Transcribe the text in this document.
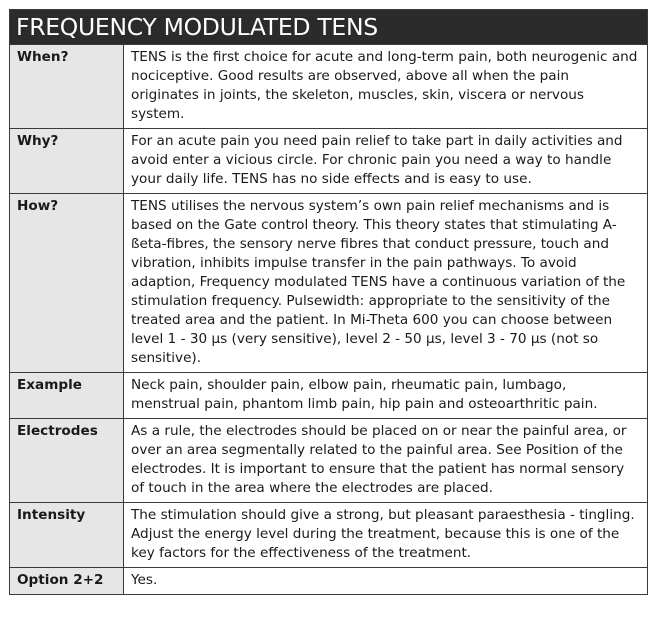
FREQUENCY MODULATED TENS
When?	TENS is the first choice for acute and long-term pain, both neurogenic and nociceptive. Good results are observed, above all when the pain originates in joints, the skeleton, muscles, skin, viscera or nervous system.
Why?	For an acute pain you need pain relief to take part in daily activities and avoid enter a vicious circle. For chronic pain you need a way to handle your daily life. TENS has no side effects and is easy to use.
How?	TENS utilises the nervous system’s own pain relief mechanisms and is based on the Gate control theory. This theory states that stimulating A-ßeta-fibres, the sensory nerve fibres that conduct pressure, touch and vibration, inhibits impulse transfer in the pain pathways. To avoid adaption, Frequency modulated TENS have a continuous variation of the stimulation frequency. Pulsewidth: appropriate to the sensitivity of the treated area and the patient. In Mi-Theta 600 you can choose between level 1 - 30 µs (very sensitive), level 2 - 50 µs, level 3 - 70 µs (not so sensitive).
Example	Neck pain, shoulder pain, elbow pain, rheumatic pain, lumbago, menstrual pain, phantom limb pain, hip pain and osteoarthritic pain.
Electrodes	As a rule, the electrodes should be placed on or near the painful area, or over an area segmentally related to the painful area. See Position of the electrodes. It is important to ensure that the patient has normal sensory of touch in the area where the electrodes are placed.
Intensity	The stimulation should give a strong, but pleasant paraesthesia - tingling. Adjust the energy level during the treatment, because this is one of the key factors for the effectiveness of the treatment.
Option 2+2	Yes.
